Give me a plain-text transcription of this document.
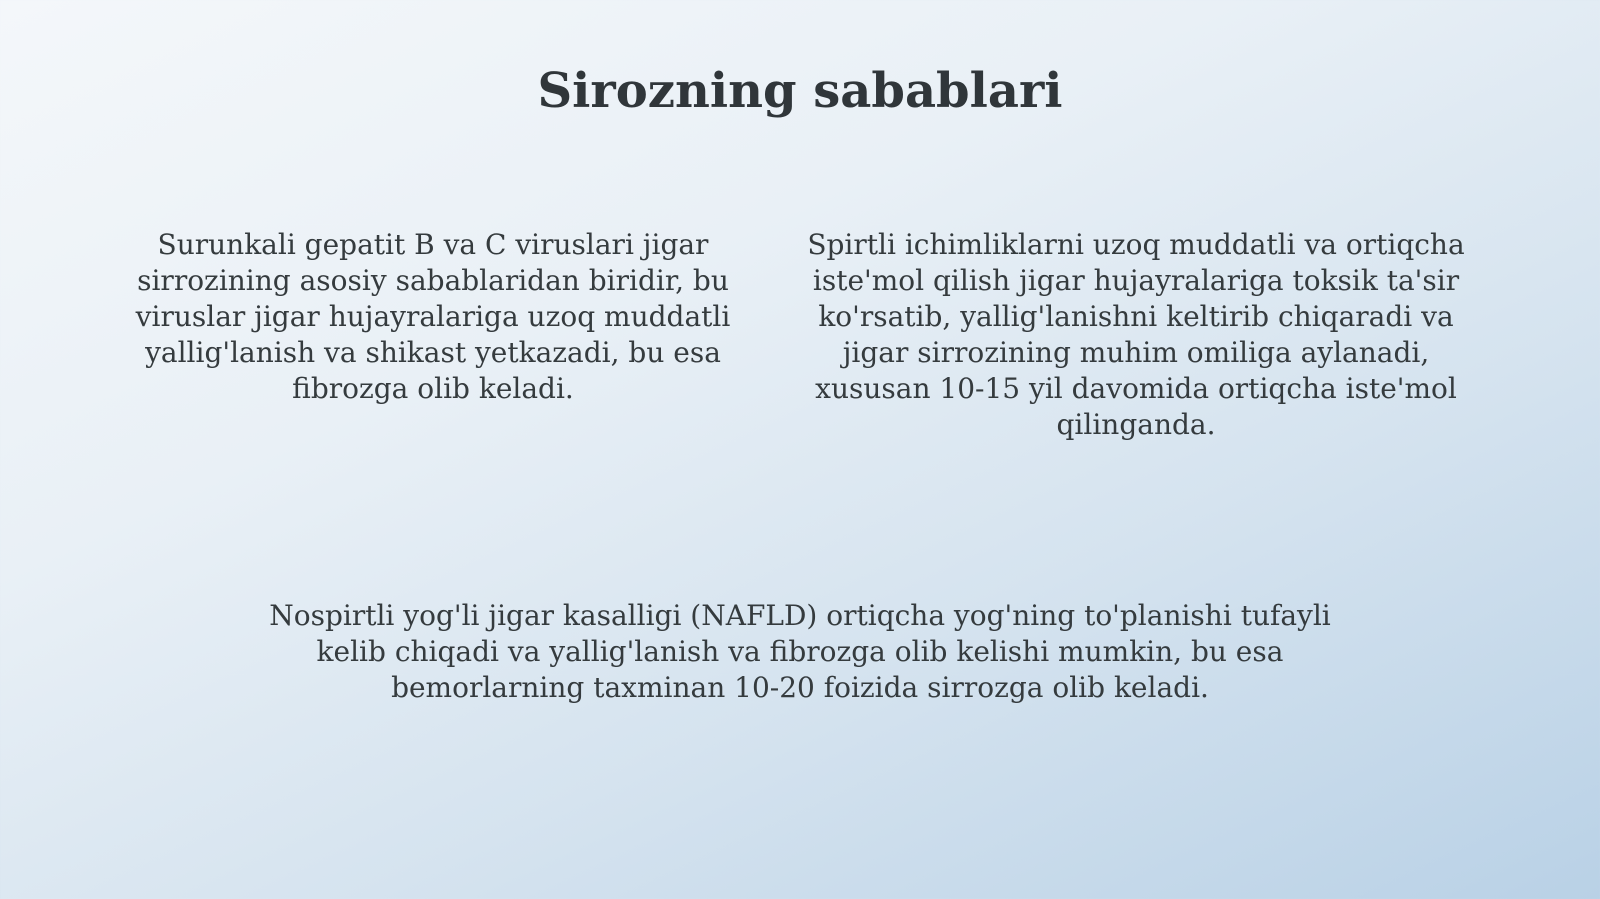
Sirozning sabablari

Surunkali gepatit B va C viruslari jigar sirrozining asosiy sabablaridan biridir, bu viruslar jigar hujayralariga uzoq muddatli yallig'lanish va shikast yetkazadi, bu esa fibrozga olib keladi.

Spirtli ichimliklarni uzoq muddatli va ortiqcha iste'mol qilish jigar hujayralariga toksik ta'sir ko'rsatib, yallig'lanishni keltirib chiqaradi va jigar sirrozining muhim omiliga aylanadi, xususan 10-15 yil davomida ortiqcha iste'mol qilinganda.

Nospirtli yog'li jigar kasalligi (NAFLD) ortiqcha yog'ning to'planishi tufayli kelib chiqadi va yallig'lanish va fibrozga olib kelishi mumkin, bu esa bemorlarning taxminan 10-20 foizida sirrozga olib keladi.
